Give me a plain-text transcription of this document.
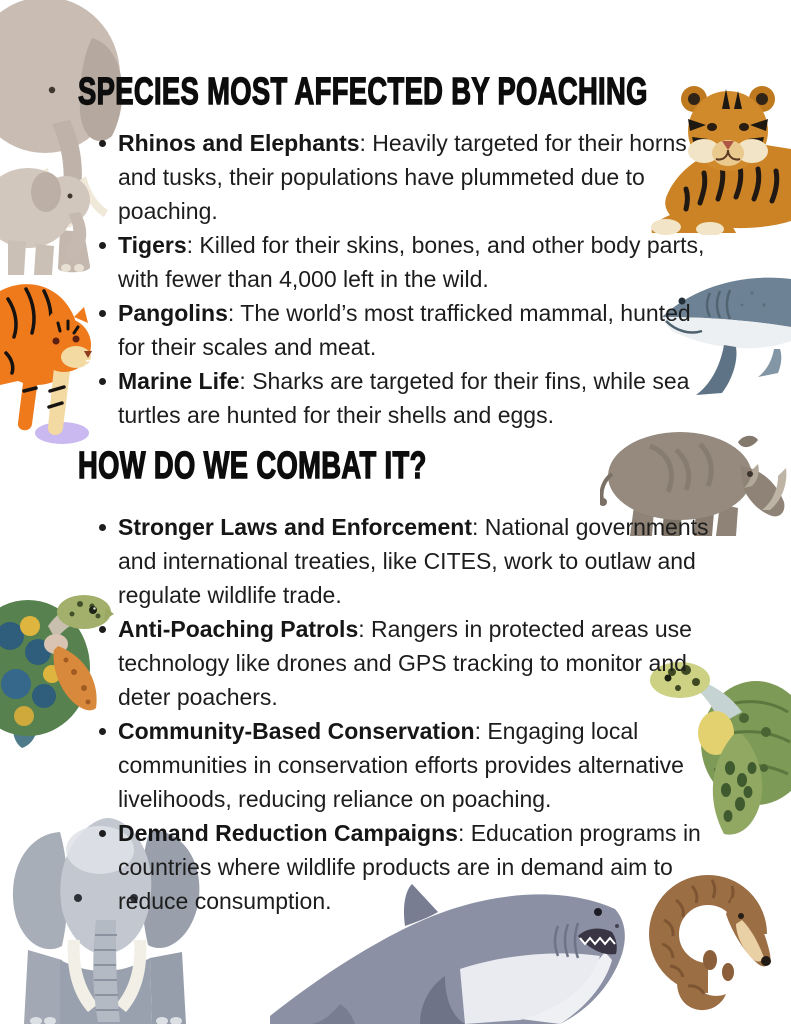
SPECIES MOST AFFECTED BY POACHING
Rhinos and Elephants: Heavily targeted for their horns and tusks, their populations have plummeted due to poaching.
Tigers: Killed for their skins, bones, and other body parts, with fewer than 4,000 left in the wild.
Pangolins: The world’s most trafficked mammal, hunted for their scales and meat.
Marine Life: Sharks are targeted for their fins, while sea turtles are hunted for their shells and eggs.
HOW DO WE COMBAT IT?
Stronger Laws and Enforcement: National governments and international treaties, like CITES, work to outlaw and regulate wildlife trade.
Anti-Poaching Patrols: Rangers in protected areas use technology like drones and GPS tracking to monitor and deter poachers.
Community-Based Conservation: Engaging local communities in conservation efforts provides alternative livelihoods, reducing reliance on poaching.
Demand Reduction Campaigns: Education programs in countries where wildlife products are in demand aim to reduce consumption.
